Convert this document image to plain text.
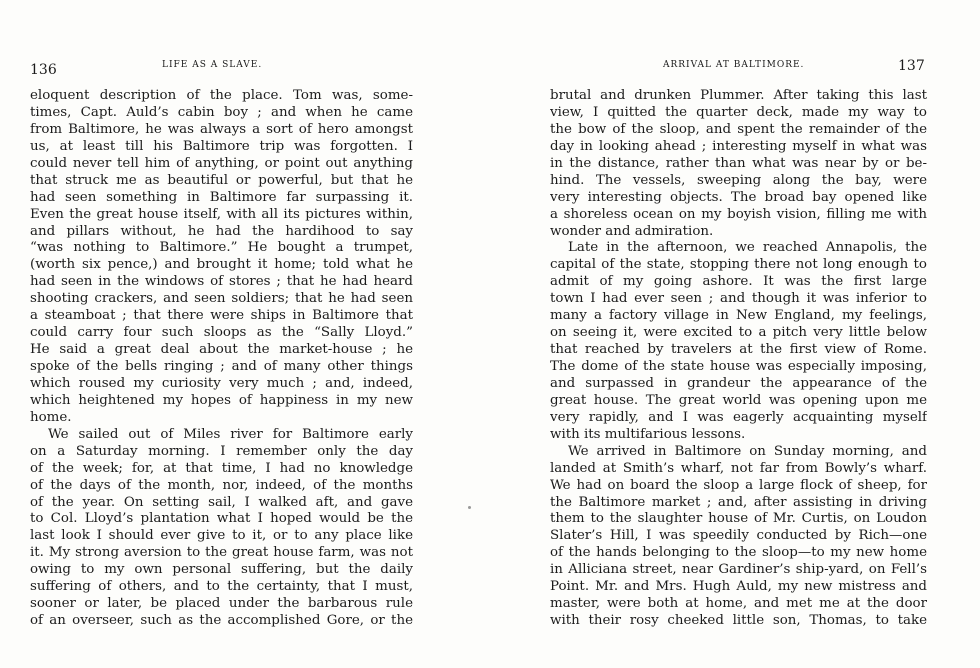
136	LIFE AS A SLAVE.
eloquent description of the place. Tom was, some-
times, Capt. Auld’s cabin boy ; and when he came
from Baltimore, he was always a sort of hero amongst
us, at least till his Baltimore trip was forgotten. I
could never tell him of anything, or point out anything
that struck me as beautiful or powerful, but that he
had seen something in Baltimore far surpassing it.
Even the great house itself, with all its pictures within,
and pillars without, he had the hardihood to say
“was nothing to Baltimore.” He bought a trumpet,
(worth six pence,) and brought it home; told what he
had seen in the windows of stores ; that he had heard
shooting crackers, and seen soldiers; that he had seen
a steamboat ; that there were ships in Baltimore that
could carry four such sloops as the “Sally Lloyd.”
He said a great deal about the market-house ; he
spoke of the bells ringing ; and of many other things
which roused my curiosity very much ; and, indeed,
which heightened my hopes of happiness in my new
home.
We sailed out of Miles river for Baltimore early
on a Saturday morning. I remember only the day
of the week; for, at that time, I had no knowledge
of the days of the month, nor, indeed, of the months
of the year. On setting sail, I walked aft, and gave
to Col. Lloyd’s plantation what I hoped would be the
last look I should ever give to it, or to any place like
it. My strong aversion to the great house farm, was not
owing to my own personal suffering, but the daily
suffering of others, and to the certainty, that I must,
sooner or later, be placed under the barbarous rule
of an overseer, such as the accomplished Gore, or the
ARRIVAL AT BALTIMORE.	137
brutal and drunken Plummer. After taking this last
view, I quitted the quarter deck, made my way to
the bow of the sloop, and spent the remainder of the
day in looking ahead ; interesting myself in what was
in the distance, rather than what was near by or be-
hind. The vessels, sweeping along the bay, were
very interesting objects. The broad bay opened like
a shoreless ocean on my boyish vision, filling me with
wonder and admiration.
Late in the afternoon, we reached Annapolis, the
capital of the state, stopping there not long enough to
admit of my going ashore. It was the first large
town I had ever seen ; and though it was inferior to
many a factory village in New England, my feelings,
on seeing it, were excited to a pitch very little below
that reached by travelers at the first view of Rome.
The dome of the state house was especially imposing,
and surpassed in grandeur the appearance of the
great house. The great world was opening upon me
very rapidly, and I was eagerly acquainting myself
with its multifarious lessons.
We arrived in Baltimore on Sunday morning, and
landed at Smith’s wharf, not far from Bowly’s wharf.
We had on board the sloop a large flock of sheep, for
the Baltimore market ; and, after assisting in driving
them to the slaughter house of Mr. Curtis, on Loudon
Slater’s Hill, I was speedily conducted by Rich—one
of the hands belonging to the sloop—to my new home
in Alliciana street, near Gardiner’s ship-yard, on Fell’s
Point. Mr. and Mrs. Hugh Auld, my new mistress and
master, were both at home, and met me at the door
with their rosy cheeked little son, Thomas, to take
